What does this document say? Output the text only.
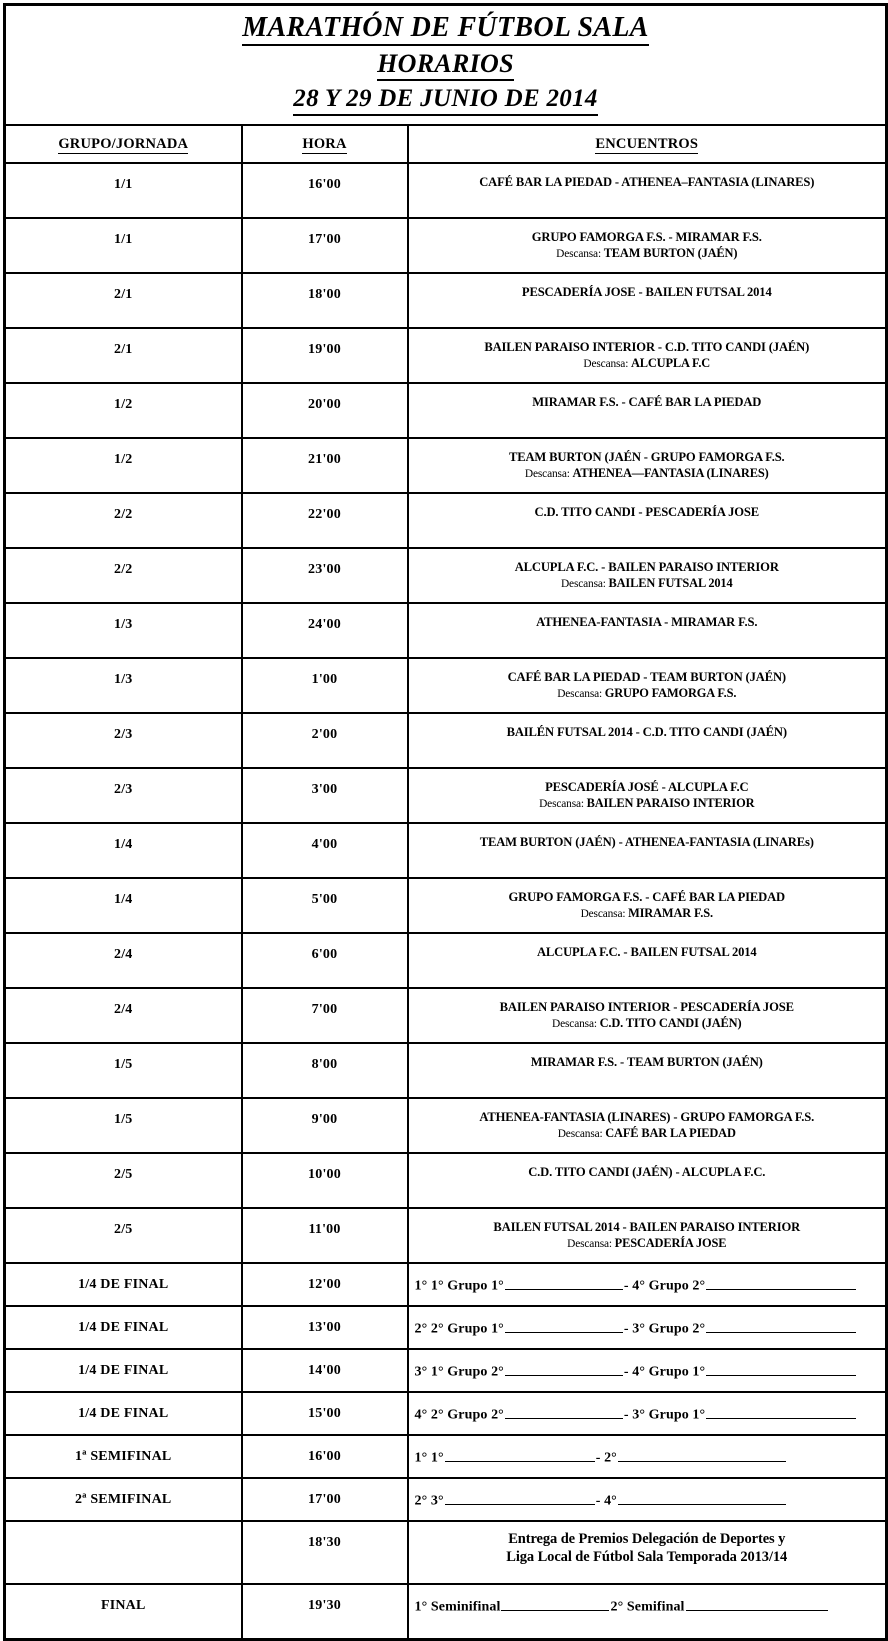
MARATHÓN DE FÚTBOL SALA
HORARIOS
28 Y 29 DE JUNIO DE 2014		

GRUPO/JORNADA	HORA	ENCUENTROS
1/1	16'00	CAFÉ BAR LA PIEDAD - ATHENEA–FANTASIA (LINARES)

1/1	17'00	GRUPO FAMORGA F.S. - MIRAMAR F.S.
Descansa: TEAM BURTON (JAÉN)

2/1	18'00	PESCADERÍA JOSE - BAILEN FUTSAL 2014

2/1	19'00	BAILEN PARAISO INTERIOR - C.D. TITO CANDI (JAÉN)
Descansa: ALCUPLA F.C

1/2	20'00	MIRAMAR F.S. - CAFÉ BAR LA PIEDAD

1/2	21'00	TEAM BURTON (JAÉN - GRUPO FAMORGA F.S.
Descansa: ATHENEA—FANTASIA (LINARES)

2/2	22'00	C.D. TITO CANDI - PESCADERÍA JOSE

2/2	23'00	ALCUPLA F.C. - BAILEN PARAISO INTERIOR
Descansa: BAILEN FUTSAL 2014

1/3	24'00	ATHENEA-FANTASIA - MIRAMAR F.S.

1/3	1'00	CAFÉ BAR LA PIEDAD - TEAM BURTON (JAÉN)
Descansa: GRUPO FAMORGA F.S.

2/3	2'00	BAILÉN FUTSAL 2014 - C.D. TITO CANDI (JAÉN)

2/3	3'00	PESCADERÍA JOSÉ - ALCUPLA F.C
Descansa: BAILEN PARAISO INTERIOR

1/4	4'00	TEAM BURTON (JAÉN) - ATHENEA-FANTASIA (LINAREs)

1/4	5'00	GRUPO FAMORGA F.S. - CAFÉ BAR LA PIEDAD
Descansa: MIRAMAR F.S.

2/4	6'00	ALCUPLA F.C. - BAILEN FUTSAL 2014

2/4	7'00	BAILEN PARAISO INTERIOR - PESCADERÍA JOSE
Descansa: C.D. TITO CANDI (JAÉN)

1/5	8'00	MIRAMAR F.S. - TEAM BURTON (JAÉN)

1/5	9'00	ATHENEA-FANTASIA (LINARES) - GRUPO FAMORGA F.S.
Descansa: CAFÉ BAR LA PIEDAD

2/5	10'00	C.D. TITO CANDI (JAÉN) - ALCUPLA F.C.

2/5	11'00	BAILEN FUTSAL 2014 - BAILEN PARAISO INTERIOR
Descansa: PESCADERÍA JOSE

1/4 DE FINAL	12'00	1° 1° Grupo 1° - 4° Grupo 2°
1/4 DE FINAL	13'00	2° 2° Grupo 1° - 3° Grupo 2°
1/4 DE FINAL	14'00	3° 1° Grupo 2° - 4° Grupo 1°
1/4 DE FINAL	15'00	4° 2° Grupo 2° - 3° Grupo 1°
1ª SEMIFINAL	16'00	1° 1° - 2°
2ª SEMIFINAL	17'00	2° 3° - 4°
	18'30	Entrega de Premios Delegación de Deportes y
Liga Local de Fútbol Sala Temporada 2013/14

FINAL	19'30	1° Seminifinal 2° Semifinal
